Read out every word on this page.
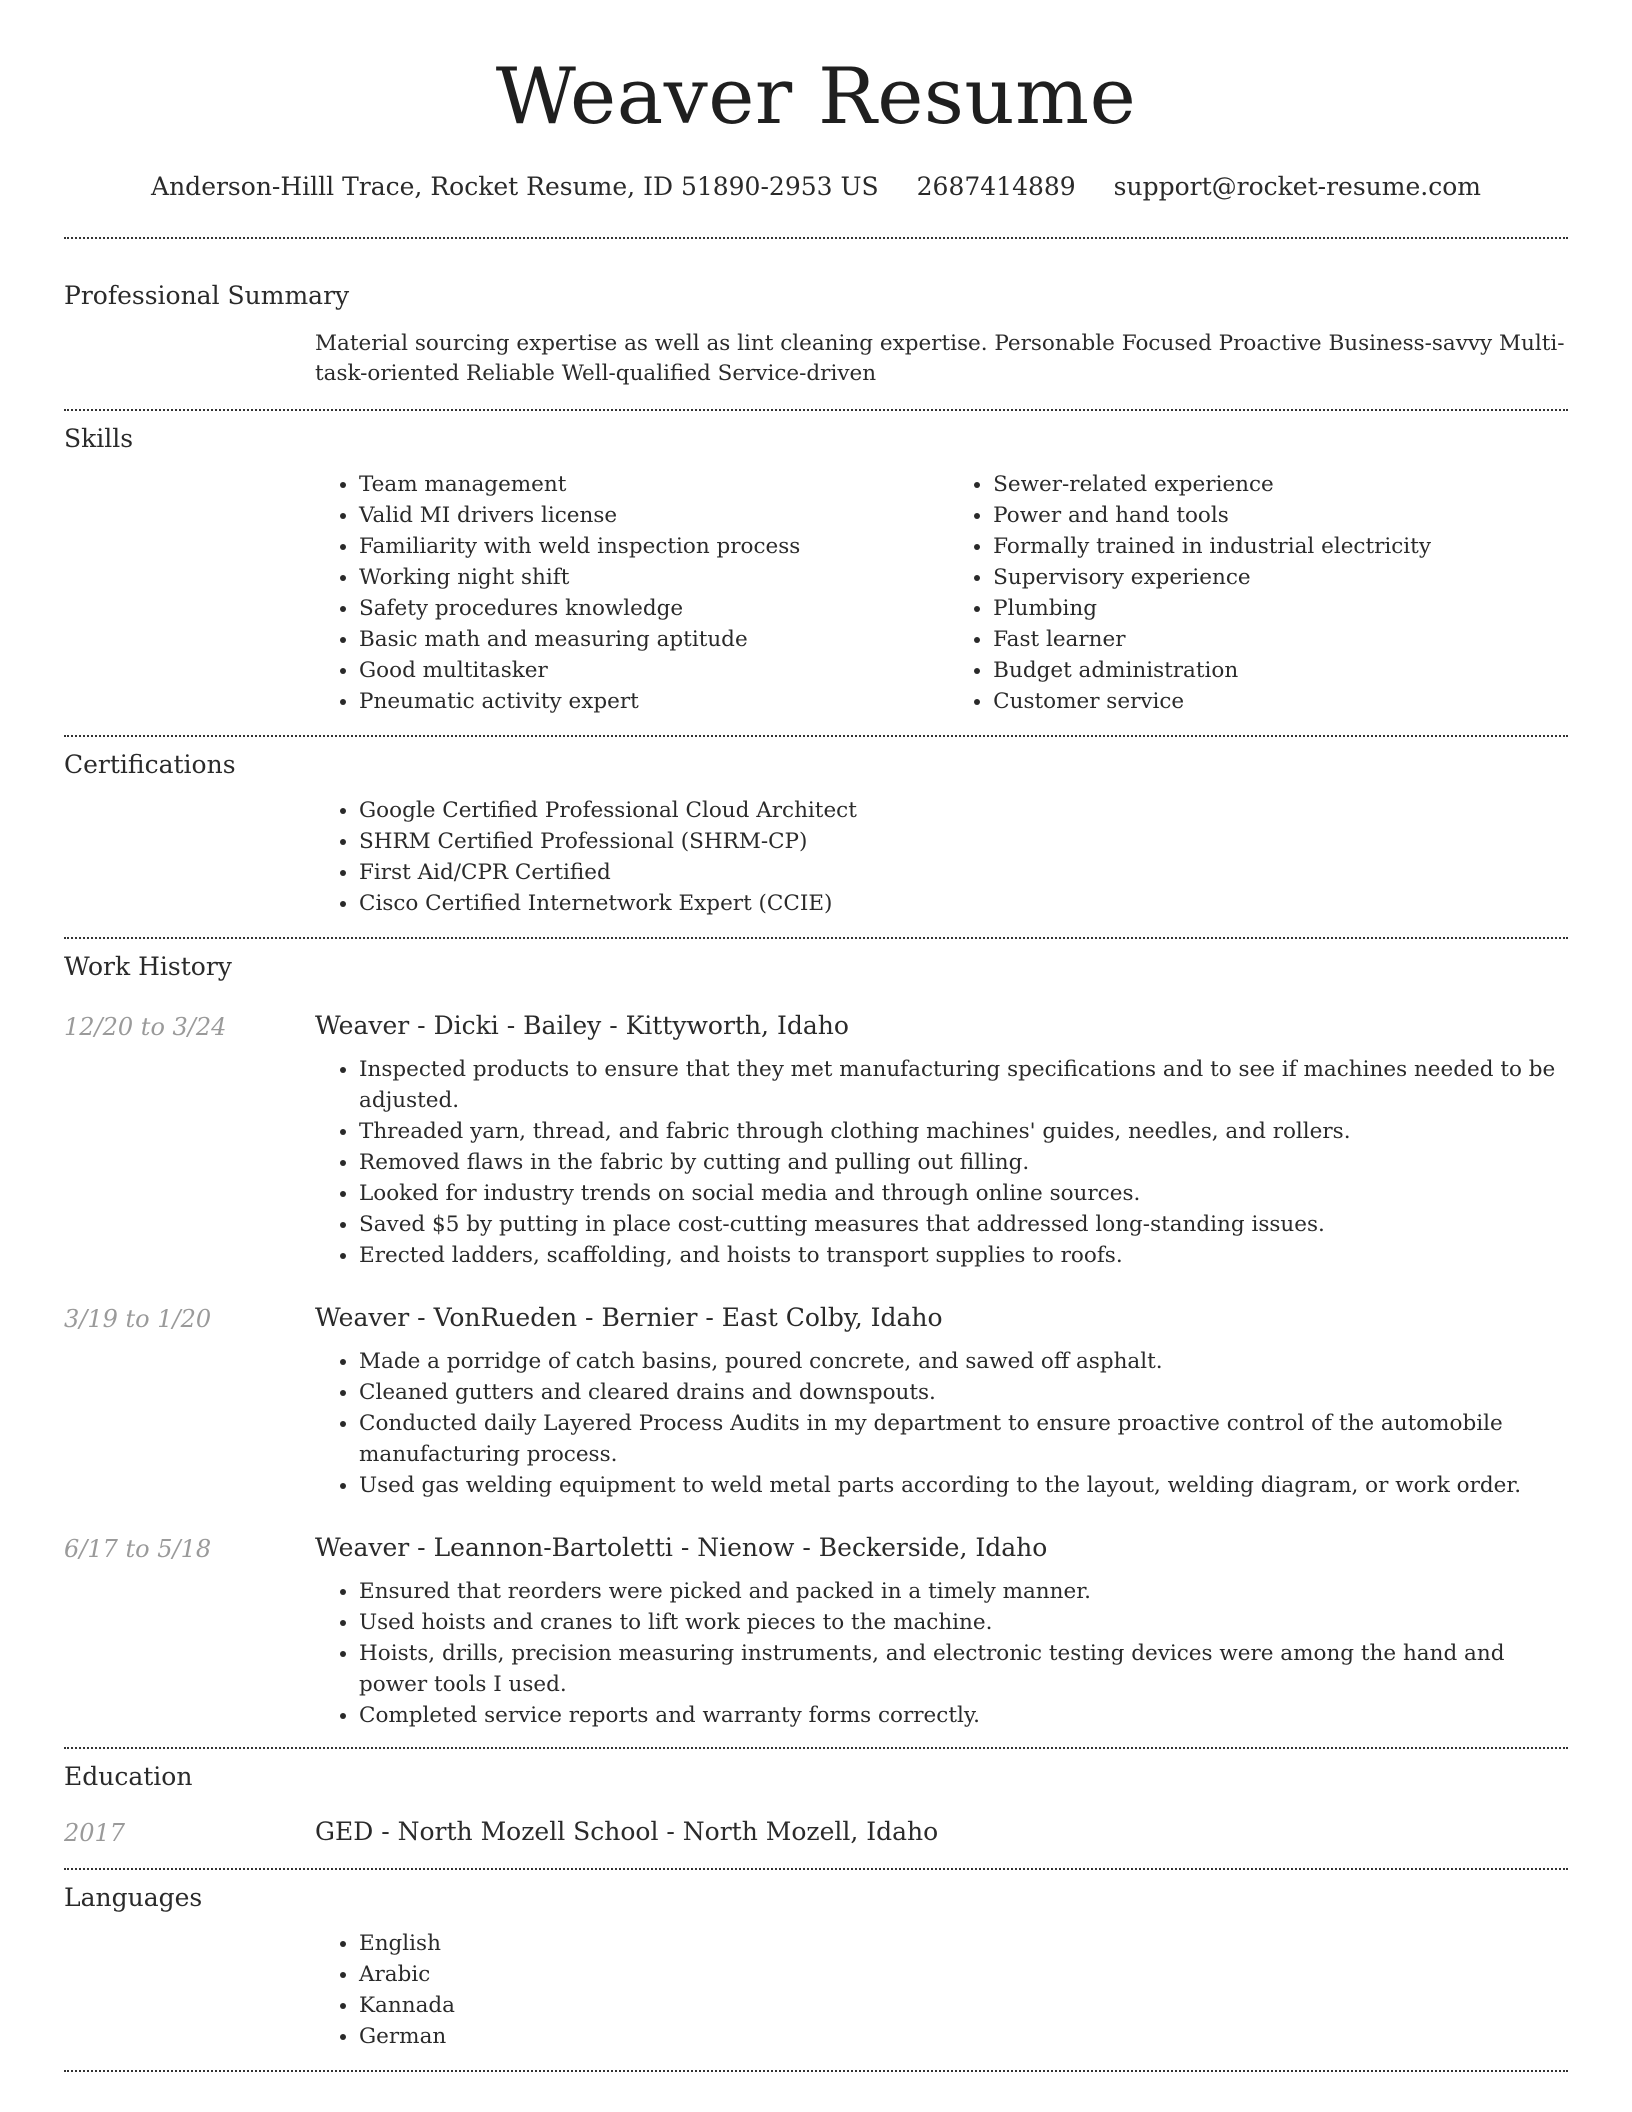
Weaver Resume
Anderson-Hilll Trace, Rocket Resume, ID 51890-2953 US 2687414889 support@rocket-resume.com
Professional Summary
Material sourcing expertise as well as lint cleaning expertise. Personable Focused Proactive Business-savvy Multi-task-oriented Reliable Well-qualified Service-driven
Skills
• Team management
• Valid MI drivers license
• Familiarity with weld inspection process
• Working night shift
• Safety procedures knowledge
• Basic math and measuring aptitude
• Good multitasker
• Pneumatic activity expert
• Sewer-related experience
• Power and hand tools
• Formally trained in industrial electricity
• Supervisory experience
• Plumbing
• Fast learner
• Budget administration
• Customer service
Certifications
• Google Certified Professional Cloud Architect
• SHRM Certified Professional (SHRM-CP)
• First Aid/CPR Certified
• Cisco Certified Internetwork Expert (CCIE)
Work History
12/20 to 3/24	Weaver - Dicki - Bailey - Kittyworth, Idaho
• Inspected products to ensure that they met manufacturing specifications and to see if machines needed to be adjusted.
• Threaded yarn, thread, and fabric through clothing machines' guides, needles, and rollers.
• Removed flaws in the fabric by cutting and pulling out filling.
• Looked for industry trends on social media and through online sources.
• Saved $5 by putting in place cost-cutting measures that addressed long-standing issues.
• Erected ladders, scaffolding, and hoists to transport supplies to roofs.
3/19 to 1/20	Weaver - VonRueden - Bernier - East Colby, Idaho
• Made a porridge of catch basins, poured concrete, and sawed off asphalt.
• Cleaned gutters and cleared drains and downspouts.
• Conducted daily Layered Process Audits in my department to ensure proactive control of the automobile manufacturing process.
• Used gas welding equipment to weld metal parts according to the layout, welding diagram, or work order.
6/17 to 5/18	Weaver - Leannon-Bartoletti - Nienow - Beckerside, Idaho
• Ensured that reorders were picked and packed in a timely manner.
• Used hoists and cranes to lift work pieces to the machine.
• Hoists, drills, precision measuring instruments, and electronic testing devices were among the hand and power tools I used.
• Completed service reports and warranty forms correctly.
Education
2017	GED - North Mozell School - North Mozell, Idaho
Languages
• English
• Arabic
• Kannada
• German
